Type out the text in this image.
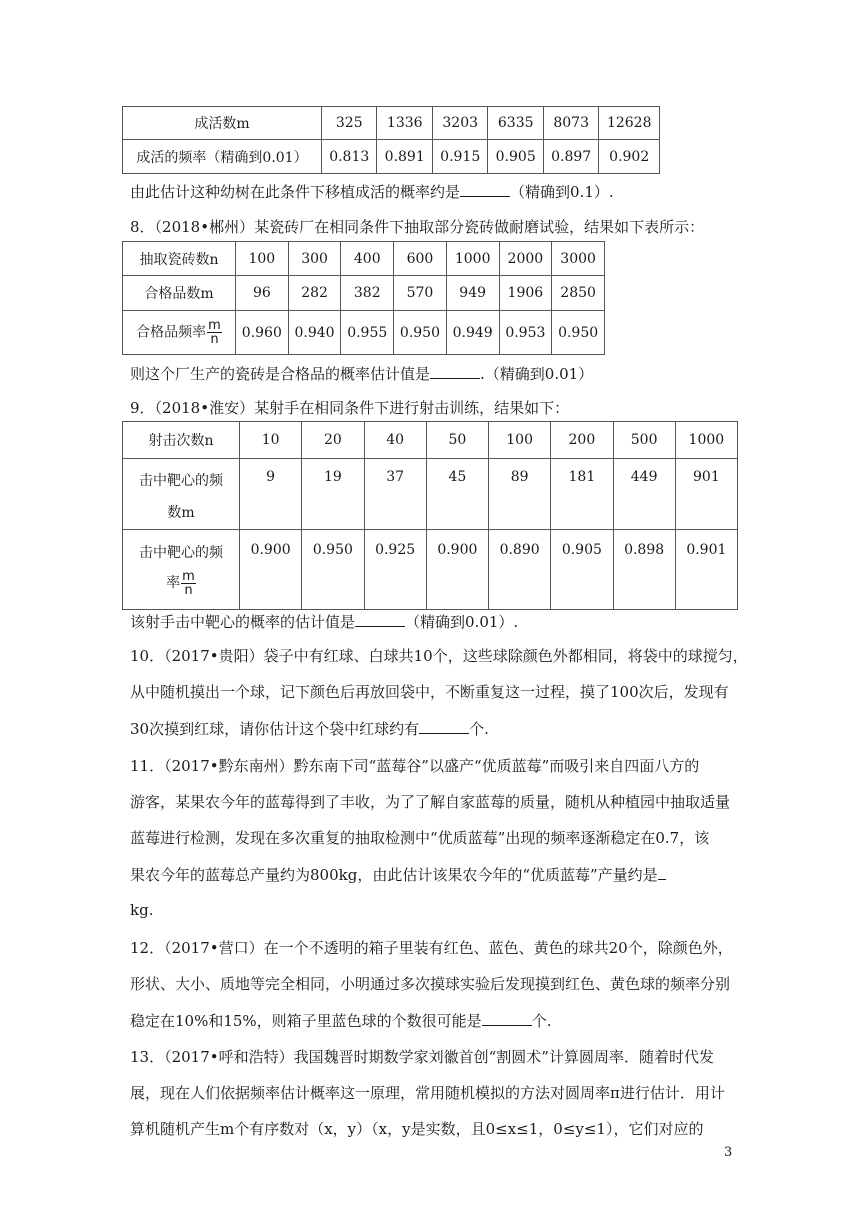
成活数m	325	1336	3203	6335	8073	12628
成活的频率（精确到0.01）	0.813	0.891	0.915	0.905	0.897	0.902
由此估计这种幼树在此条件下移植成活的概率约是	（精确到0.1）.
8．（2018•郴州）某瓷砖厂在相同条件下抽取部分瓷砖做耐磨试验，结果如下表所示：
抽取瓷砖数n	100	300	400	600	1000	2000	3000
合格品数m	96	282	382	570	949	1906	2850
合格品频率 $\frac{m}{n}$	0.960	0.940	0.955	0.950	0.949	0.953	0.950
则这个厂生产的瓷砖是合格品的概率估计值是	.（精确到0.01）
9．（2018•淮安）某射手在相同条件下进行射击训练，结果如下：
射击次数n	10	20	40	50	100	200	500	1000

击中靶心的频
数m	9	19	37	45	89	181	449	901

击中靶心的频
率 $\frac{m}{n}$	0.900	0.950	0.925	0.900	0.890	0.905	0.898	0.901
该射手击中靶心的概率的估计值是	（精确到0.01）.
10．（2017•贵阳）袋子中有红球、白球共10个，这些球除颜色外都相同，将袋中的球搅匀，
从中随机摸出一个球，记下颜色后再放回袋中，不断重复这一过程，摸了100次后，发现有
30次摸到红球，请你估计这个袋中红球约有	个.
11．（2017•黔东南州）黔东南下司“蓝莓谷”以盛产“优质蓝莓”而吸引来自四面八方的
游客，某果农今年的蓝莓得到了丰收，为了了解自家蓝莓的质量，随机从种植园中抽取适量
蓝莓进行检测，发现在多次重复的抽取检测中“优质蓝莓”出现的频率逐渐稳定在0.7，该
果农今年的蓝莓总产量约为800kg，由此估计该果农今年的“优质蓝莓”产量约是
kg.
12．（2017•营口）在一个不透明的箱子里装有红色、蓝色、黄色的球共20个，除颜色外，
形状、大小、质地等完全相同，小明通过多次摸球实验后发现摸到红色、黄色球的频率分别
稳定在10%和15%，则箱子里蓝色球的个数很可能是	个.
13．（2017•呼和浩特）我国魏晋时期数学家刘徽首创“割圆术”计算圆周率．随着时代发
展，现在人们依据频率估计概率这一原理，常用随机模拟的方法对圆周率π进行估计．用计
算机随机产生m个有序数对（x，y）（x，y是实数，且0≤x≤1，0≤y≤1），它们对应的
3
